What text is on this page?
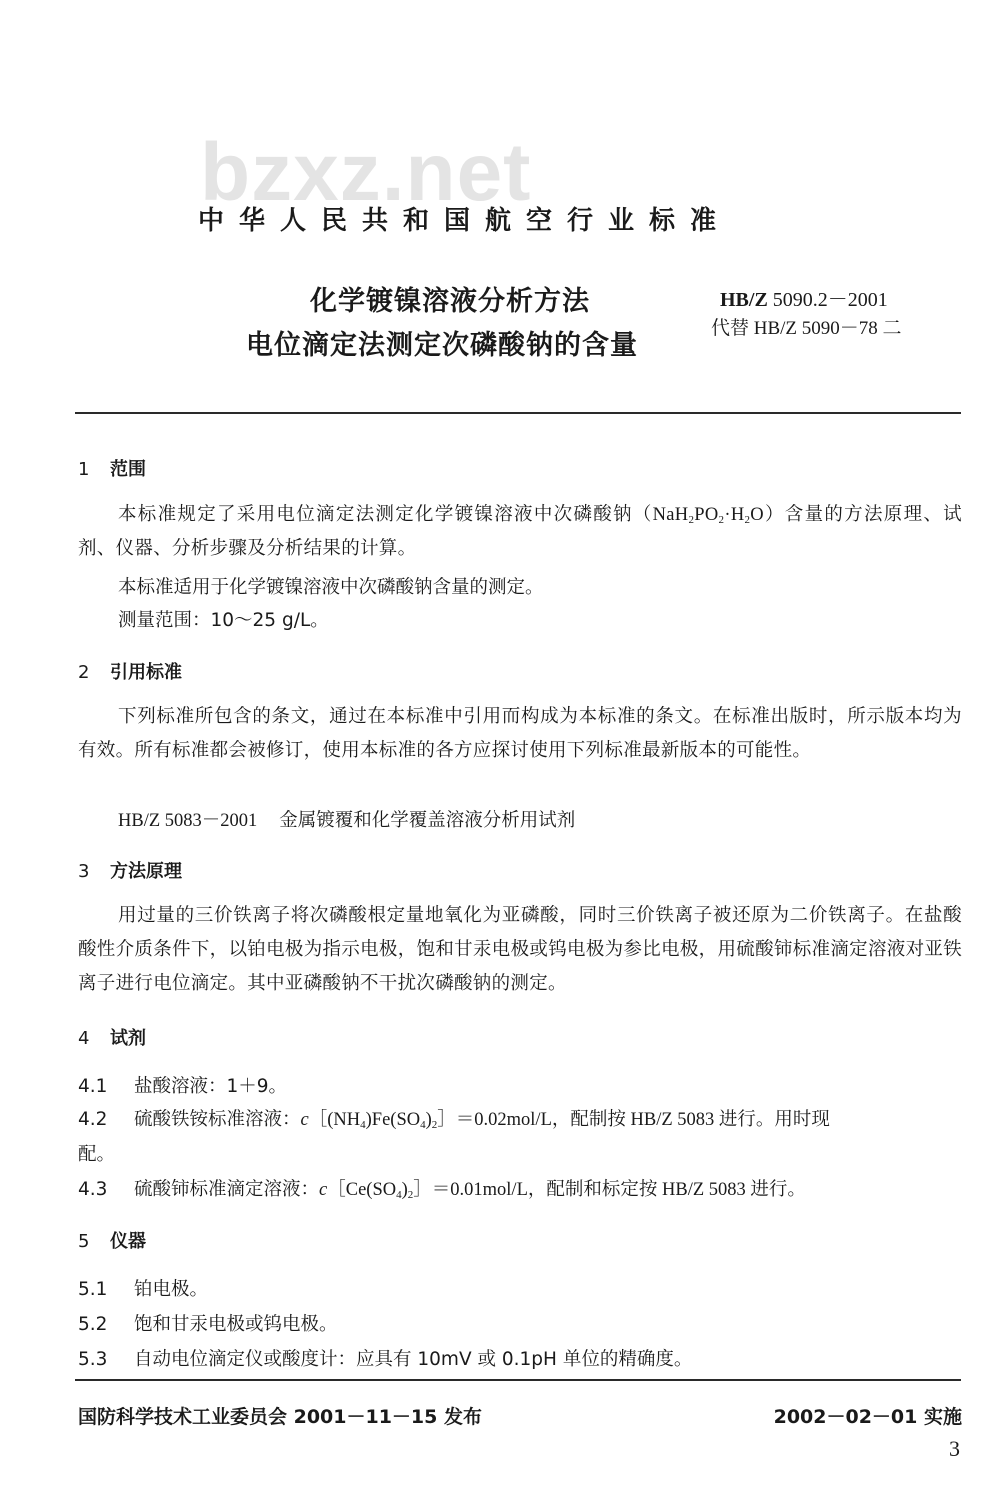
bzxz.net
中华人民共和国航空行业标准
化学镀镍溶液分析方法
电位滴定法测定次磷酸钠的含量
HB/Z 5090.2－2001
代替 HB/Z 5090－78 二
1 范围
本标准规定了采用电位滴定法测定化学镀镍溶液中次磷酸钠$(NaH_2PO_2\cdot H_2O)$含量的方法原理、试剂、仪器、分析步骤及分析结果的计算。
本标准适用于化学镀镍溶液中次磷酸钠含量的测定。
测量范围：10～25 g/L。
2 引用标准
下列标准所包含的条文，通过在本标准中引用而构成为本标准的条文。在标准出版时，所示版本均为有效。所有标准都会被修订，使用本标准的各方应探讨使用下列标准最新版本的可能性。
HB/Z 5083－2001 金属镀覆和化学覆盖溶液分析用试剂
3 方法原理
用过量的三价铁离子将次磷酸根定量地氧化为亚磷酸，同时三价铁离子被还原为二价铁离子。在盐酸酸性介质条件下，以铂电极为指示电极，饱和甘汞电极或钨电极为参比电极，用硫酸铈标准滴定溶液对亚铁离子进行电位滴定。其中亚磷酸钠不干扰次磷酸钠的测定。
4 试剂
4.1 盐酸溶液：1＋9。
4.2 硫酸铁铵标准溶液：$c[(NH_4)Fe(SO_4)_2]=0.02mol/L$，配制按 HB/Z 5083 进行。用时现
配。
4.3 硫酸铈标准滴定溶液：$c[Ce(SO_4)_2]=0.01mol/L$，配制和标定按 HB/Z 5083 进行。
5 仪器
5.1 铂电极。
5.2 饱和甘汞电极或钨电极。
5.3 自动电位滴定仪或酸度计：应具有 10mV 或 0.1pH 单位的精确度。
国防科学技术工业委员会 2001－11－15 发布	2002－02－01 实施
3
